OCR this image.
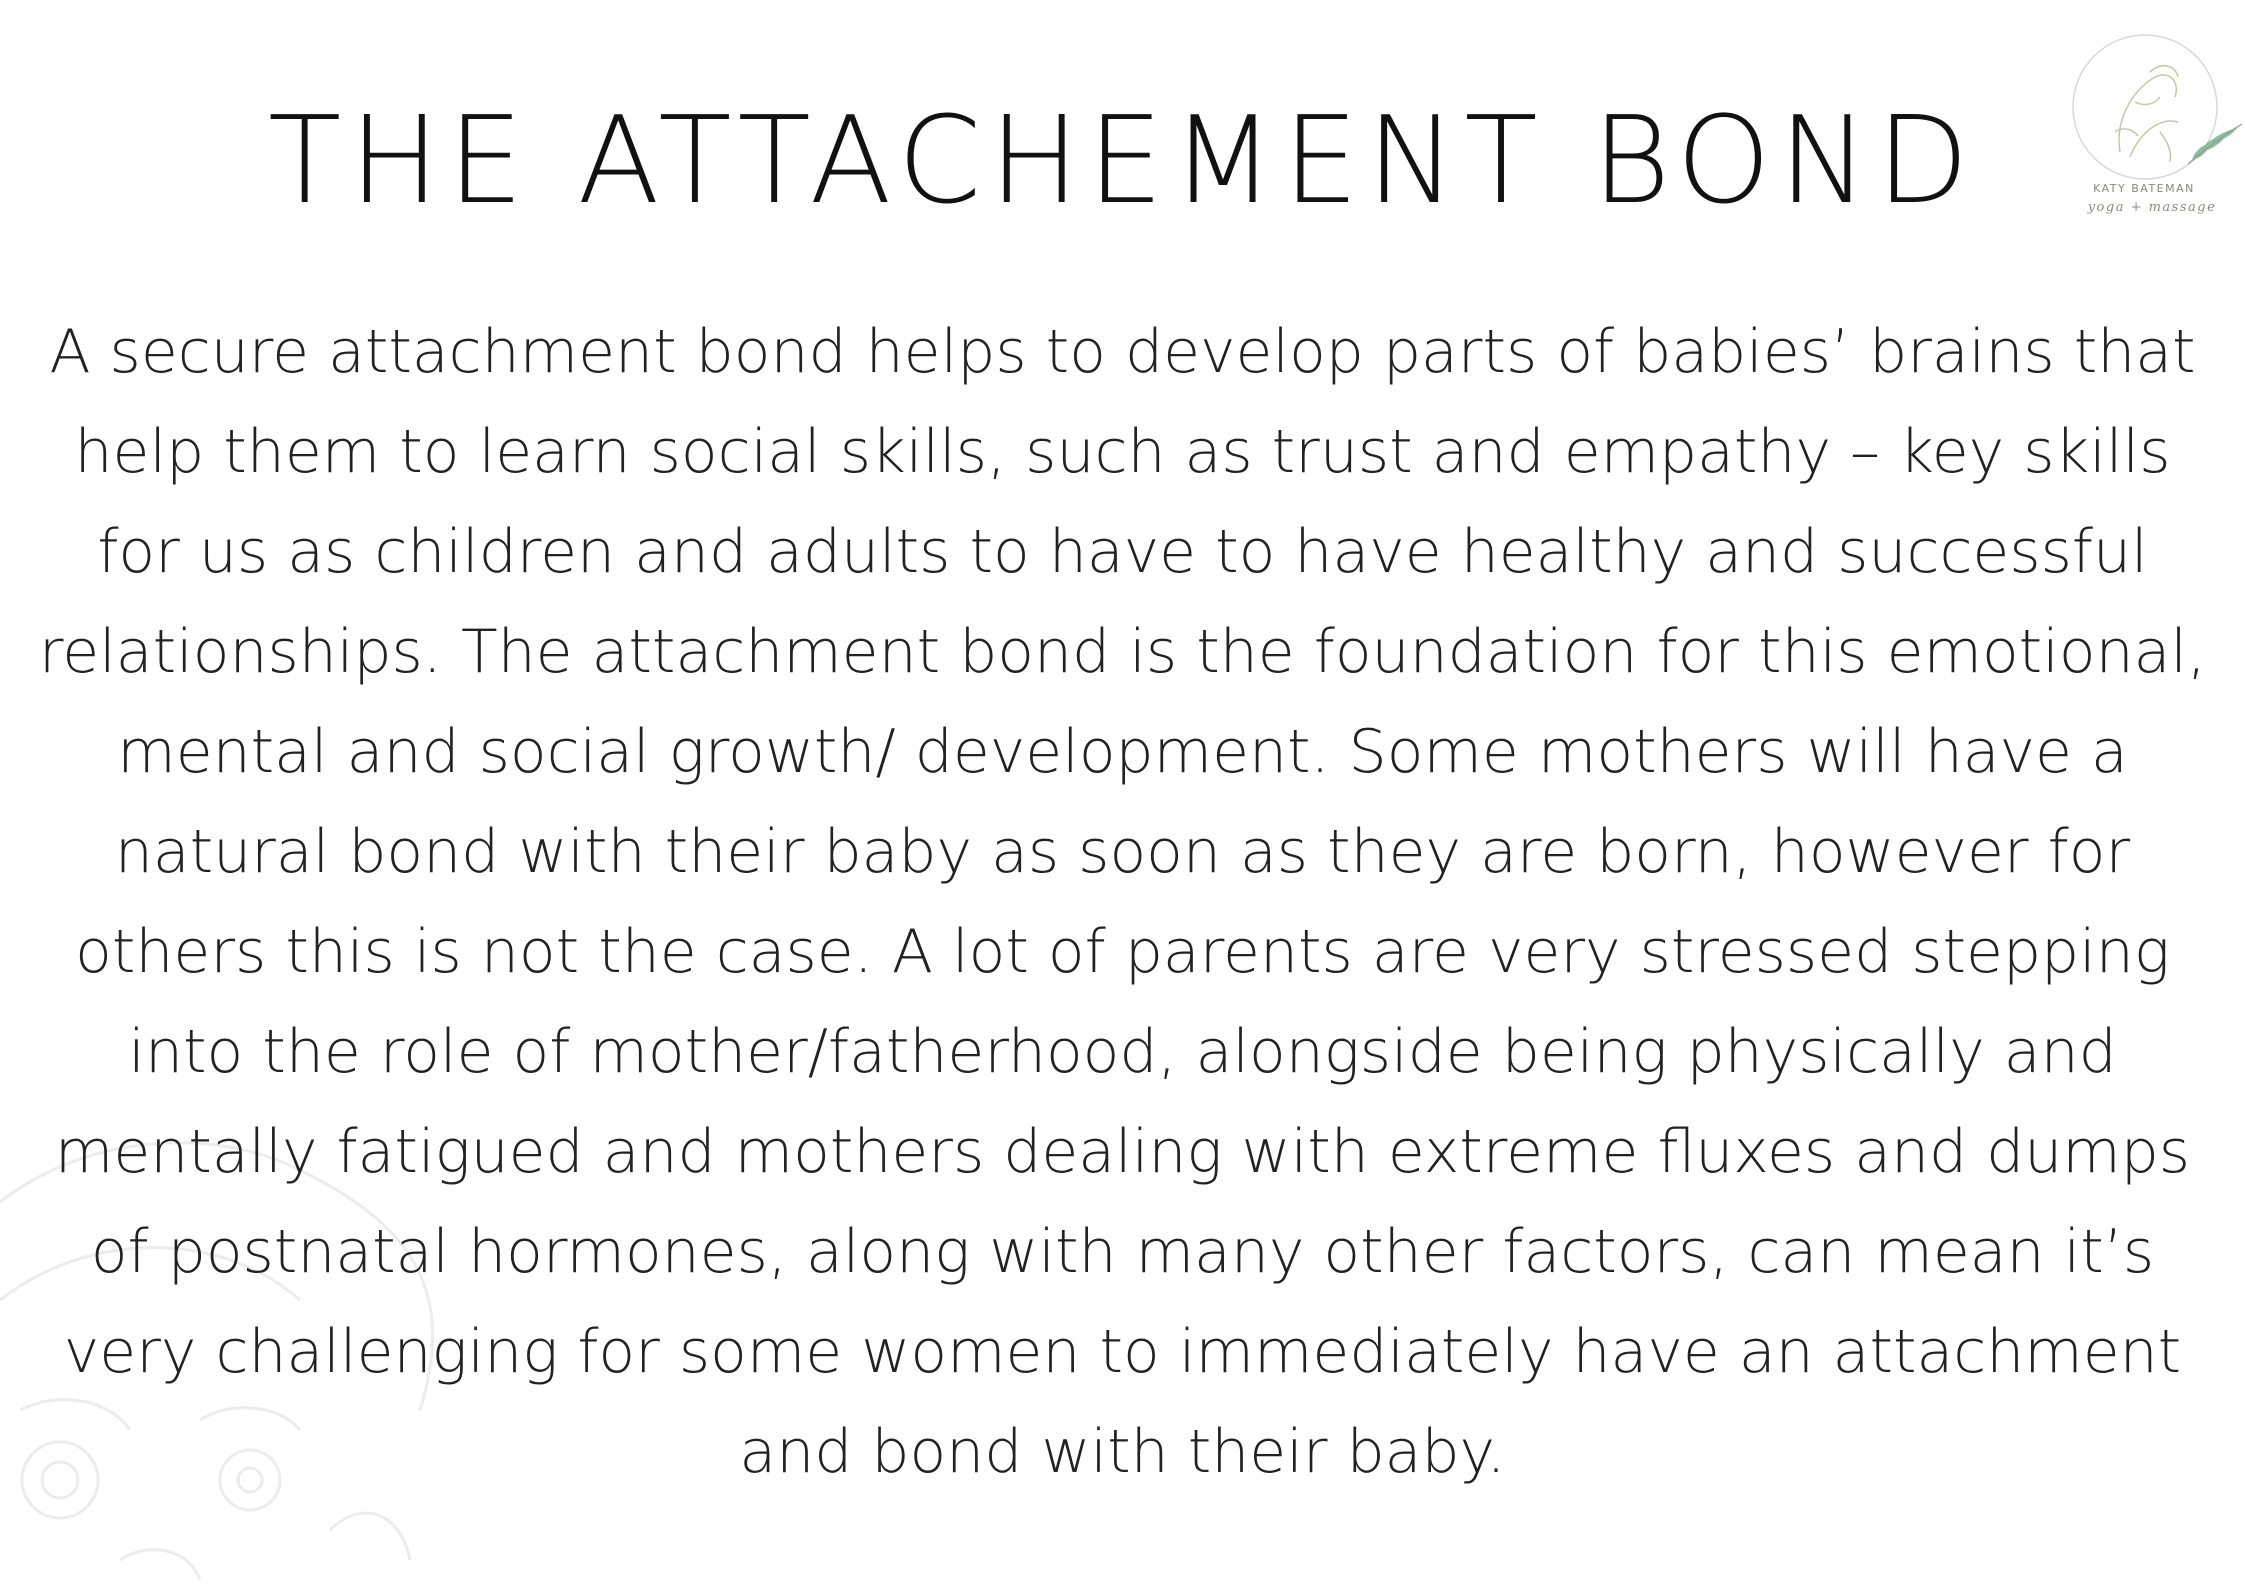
KATY BATEMAN
yoga + massage
THE ATTACHEMENT BOND

A secure attachment bond helps to develop parts of babies’ brains that help them to learn social skills, such as trust and empathy – key skills for us as children and adults to have to have healthy and successful relationships. The attachment bond is the foundation for this emotional, mental and social growth/ development. Some mothers will have a natural bond with their baby as soon as they are born, however for others this is not the case. A lot of parents are very stressed stepping into the role of mother/fatherhood, alongside being physically and mentally fatigued and mothers dealing with extreme fluxes and dumps of postnatal hormones, along with many other factors, can mean it’s very challenging for some women to immediately have an attachment and bond with their baby.
